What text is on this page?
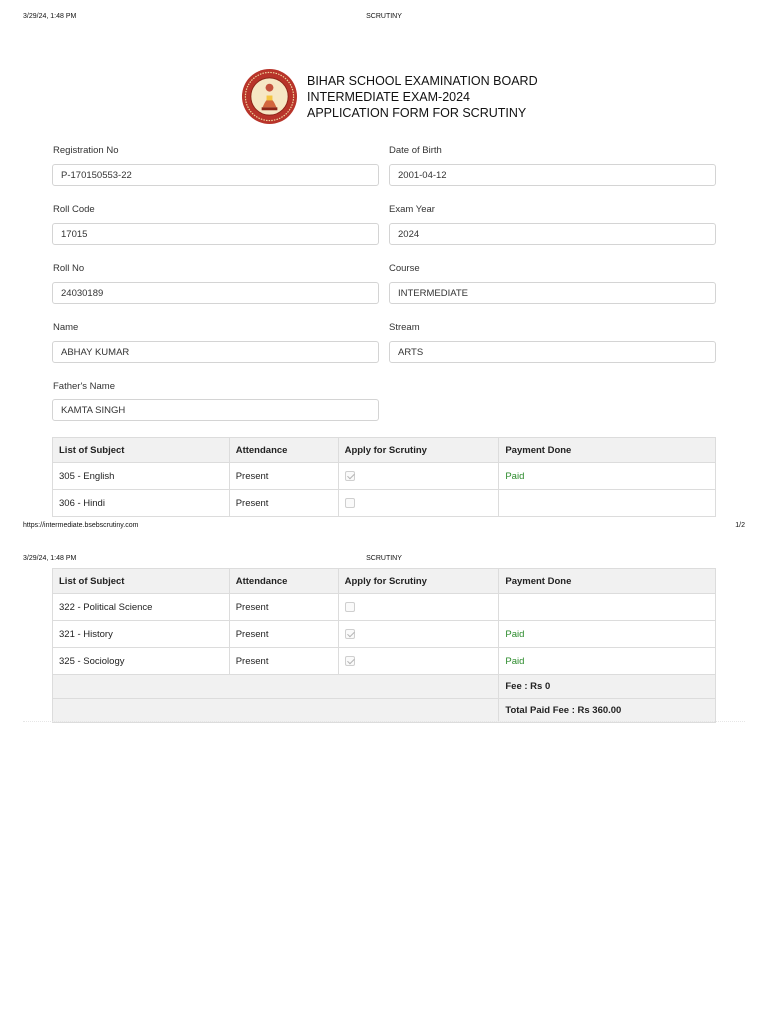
3/29/24, 1:48 PM	SCRUTINY
BIHAR SCHOOL EXAMINATION BOARD
INTERMEDIATE EXAM-2024
APPLICATION FORM FOR SCRUTINY
Registration No
P-170150553-22
Date of Birth
2001-04-12
Roll Code
17015
Exam Year
2024
Roll No
24030189
Course
INTERMEDIATE
Name
ABHAY KUMAR
Stream
ARTS
Father's Name
KAMTA SINGH
List of Subject	Attendance	Apply for Scrutiny	Payment Done
305 - English	Present		Paid
306 - Hindi	Present		
https://intermediate.bsebscrutiny.com	1/2
3/29/24, 1:48 PM	SCRUTINY
List of Subject	Attendance	Apply for Scrutiny	Payment Done
322 - Political Science	Present		
321 - History	Present		Paid
325 - Sociology	Present		Paid
			Fee : Rs 0
			Total Paid Fee : Rs 360.00
